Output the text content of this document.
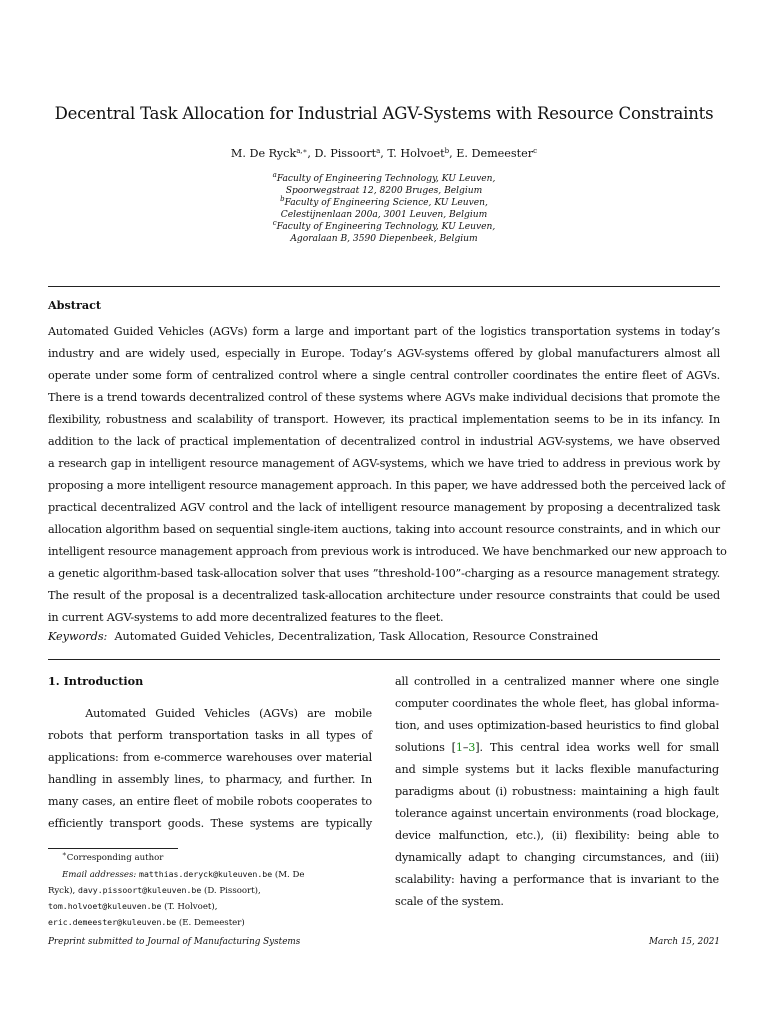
Decentral Task Allocation for Industrial AGV-Systems with Resource Constraints
M. De Ryck$^{a,∗}$, D. Pissoort$^a$, T. Holvoet$^b$, E. Demeester$^c$
$^a$Faculty of Engineering Technology, KU Leuven,
Spoorwegstraat 12, 8200 Bruges, Belgium
$^b$Faculty of Engineering Science, KU Leuven,
Celestijnenlaan 200a, 3001 Leuven, Belgium
$^c$Faculty of Engineering Technology, KU Leuven,
Agoralaan B, 3590 Diepenbeek, Belgium
Abstract
Automated Guided Vehicles (AGVs) form a large and important part of the logistics transportation systems in today’s
industry and are widely used, especially in Europe. Today’s AGV-systems offered by global manufacturers almost all
operate under some form of centralized control where a single central controller coordinates the entire fleet of AGVs.
There is a trend towards decentralized control of these systems where AGVs make individual decisions that promote the
flexibility, robustness and scalability of transport. However, its practical implementation seems to be in its infancy. In
addition to the lack of practical implementation of decentralized control in industrial AGV-systems, we have observed
a research gap in intelligent resource management of AGV-systems, which we have tried to address in previous work by
proposing a more intelligent resource management approach. In this paper, we have addressed both the perceived lack of
practical decentralized AGV control and the lack of intelligent resource management by proposing a decentralized task
allocation algorithm based on sequential single-item auctions, taking into account resource constraints, and in which our
intelligent resource management approach from previous work is introduced. We have benchmarked our new approach to
a genetic algorithm-based task-allocation solver that uses ”threshold-100”-charging as a resource management strategy.
The result of the proposal is a decentralized task-allocation architecture under resource constraints that could be used
in current AGV-systems to add more decentralized features to the fleet.
Keywords: Automated Guided Vehicles, Decentralization, Task Allocation, Resource Constrained
1. Introduction
Automated Guided Vehicles (AGVs) are mobile
robots that perform transportation tasks in all types of
applications: from e-commerce warehouses over material
handling in assembly lines, to pharmacy, and further. In
many cases, an entire fleet of mobile robots cooperates to
efficiently transport goods. These systems are typically
all controlled in a centralized manner where one single
computer coordinates the whole fleet, has global informa-
tion, and uses optimization-based heuristics to find global
solutions [1–3]. This central idea works well for small
and simple systems but it lacks flexible manufacturing
paradigms about (i) robustness: maintaining a high fault
tolerance against uncertain environments (road blockage,
device malfunction, etc.), (ii) flexibility: being able to
dynamically adapt to changing circumstances, and (iii)
scalability: having a performance that is invariant to the
scale of the system.
∗Corresponding author
Email addresses: matthias.deryck@kuleuven.be (M. De
Ryck), davy.pissoort@kuleuven.be (D. Pissoort),
tom.holvoet@kuleuven.be (T. Holvoet),
eric.demeester@kuleuven.be (E. Demeester)
Preprint submitted to Journal of Manufacturing Systems	March 15, 2021
